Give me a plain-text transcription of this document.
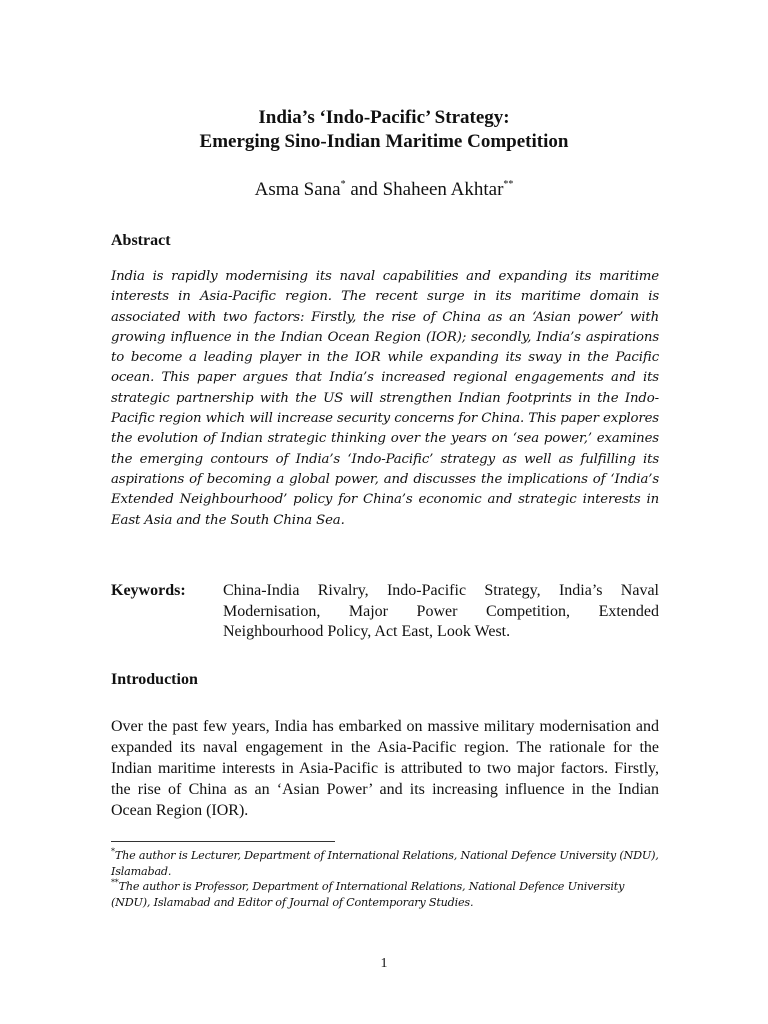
India’s ‘Indo-Pacific’ Strategy:
Emerging Sino-Indian Maritime Competition
Asma Sana* and Shaheen Akhtar**
Abstract

India is rapidly modernising its naval capabilities and expanding its maritime interests in Asia-Pacific region. The recent surge in its maritime domain is associated with two factors: Firstly, the rise of China as an ‘Asian power’ with growing influence in the Indian Ocean Region (IOR); secondly, India’s aspirations to become a leading player in the IOR while expanding its sway in the Pacific ocean. This paper argues that India’s increased regional engagements and its strategic partnership with the US will strengthen Indian footprints in the Indo-Pacific region which will increase security concerns for China. This paper explores the evolution of Indian strategic thinking over the years on ‘sea power,’ examines the emerging contours of India’s ‘Indo-Pacific’ strategy as well as fulfilling its aspirations of becoming a global power, and discusses the implications of ‘India’s Extended Neighbourhood’ policy for China’s economic and strategic interests in East Asia and the South China Sea.

Keywords: China-India Rivalry, Indo-Pacific Strategy, India’s Naval Modernisation, Major Power Competition, Extended Neighbourhood Policy, Act East, Look West.

Introduction

Over the past few years, India has embarked on massive military modernisation and expanded its naval engagement in the Asia-Pacific region. The rationale for the Indian maritime interests in Asia-Pacific is attributed to two major factors. Firstly, the rise of China as an ‘Asian Power’ and its increasing influence in the Indian Ocean Region (IOR).

*The author is Lecturer, Department of International Relations, National Defence University (NDU), Islamabad.

**The author is Professor, Department of International Relations, National Defence University (NDU), Islamabad and Editor of Journal of Contemporary Studies.

1
